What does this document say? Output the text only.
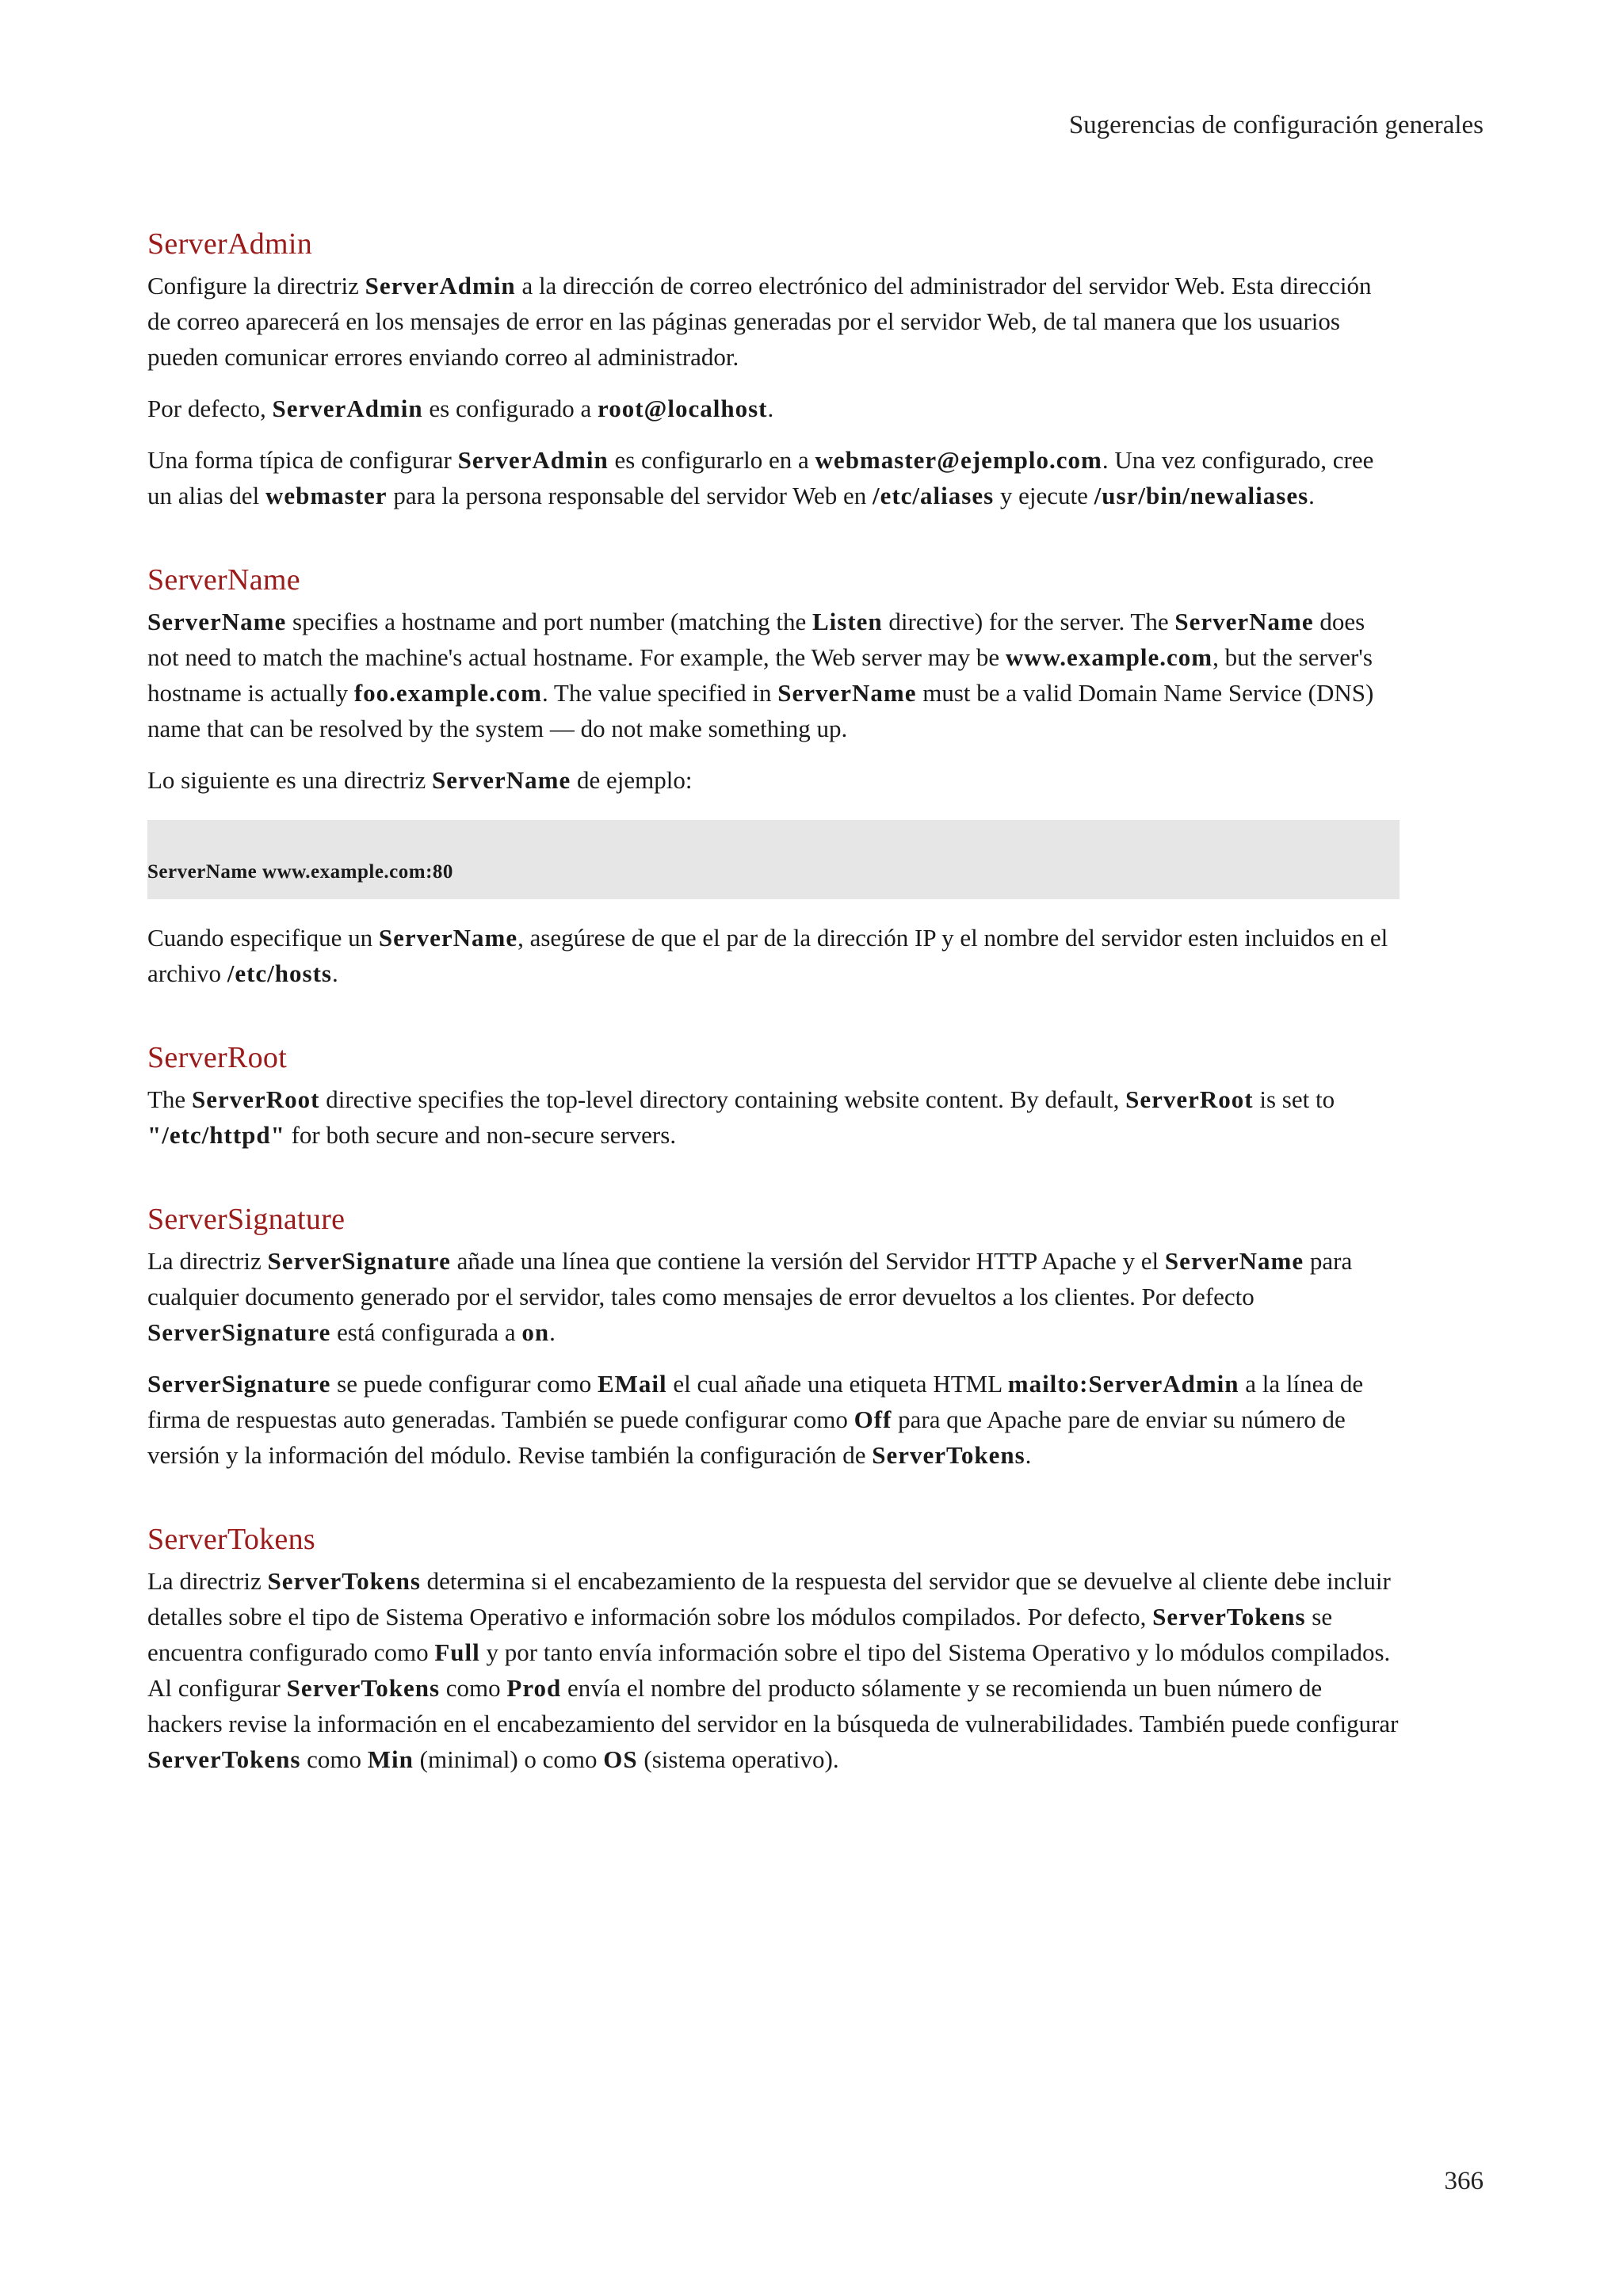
Sugerencias de configuración generales
ServerAdmin

Configure la directriz ServerAdmin a la dirección de correo electrónico del administrador del servidor Web. Esta dirección de correo aparecerá en los mensajes de error en las páginas generadas por el servidor Web, de tal manera que los usuarios pueden comunicar errores enviando correo al administrador.

Por defecto, ServerAdmin es configurado a root@localhost.

Una forma típica de configurar ServerAdmin es configurarlo en a webmaster@ejemplo.com. Una vez configurado, cree un alias del webmaster para la persona responsable del servidor Web en /etc/aliases y ejecute /usr/bin/newaliases.

ServerName

ServerName specifies a hostname and port number (matching the Listen directive) for the server. The ServerName does not need to match the machine's actual hostname. For example, the Web server may be www.example.com, but the server's hostname is actually foo.example.com. The value specified in ServerName must be a valid Domain Name Service (DNS) name that can be resolved by the system — do not make something up.

Lo siguiente es una directriz ServerName de ejemplo:

ServerName www.example.com:80

Cuando especifique un ServerName, asegúrese de que el par de la dirección IP y el nombre del servidor esten incluidos en el archivo /etc/hosts.

ServerRoot

The ServerRoot directive specifies the top-level directory containing website content. By default, ServerRoot is set to "/etc/httpd" for both secure and non-secure servers.

ServerSignature

La directriz ServerSignature añade una línea que contiene la versión del Servidor HTTP Apache y el ServerName para cualquier documento generado por el servidor, tales como mensajes de error devueltos a los clientes. Por defecto ServerSignature está configurada a on.

ServerSignature se puede configurar como EMail el cual añade una etiqueta HTML mailto:ServerAdmin a la línea de firma de respuestas auto generadas. También se puede configurar como Off para que Apache pare de enviar su número de versión y la información del módulo. Revise también la configuración de ServerTokens.

ServerTokens

La directriz ServerTokens determina si el encabezamiento de la respuesta del servidor que se devuelve al cliente debe incluir detalles sobre el tipo de Sistema Operativo e información sobre los módulos compilados. Por defecto, ServerTokens se encuentra configurado como Full y por tanto envía información sobre el tipo del Sistema Operativo y lo módulos compilados. Al configurar ServerTokens como Prod envía el nombre del producto sólamente y se recomienda un buen número de hackers revise la información en el encabezamiento del servidor en la búsqueda de vulnerabilidades. También puede configurar ServerTokens como Min (minimal) o como OS (sistema operativo).

366
